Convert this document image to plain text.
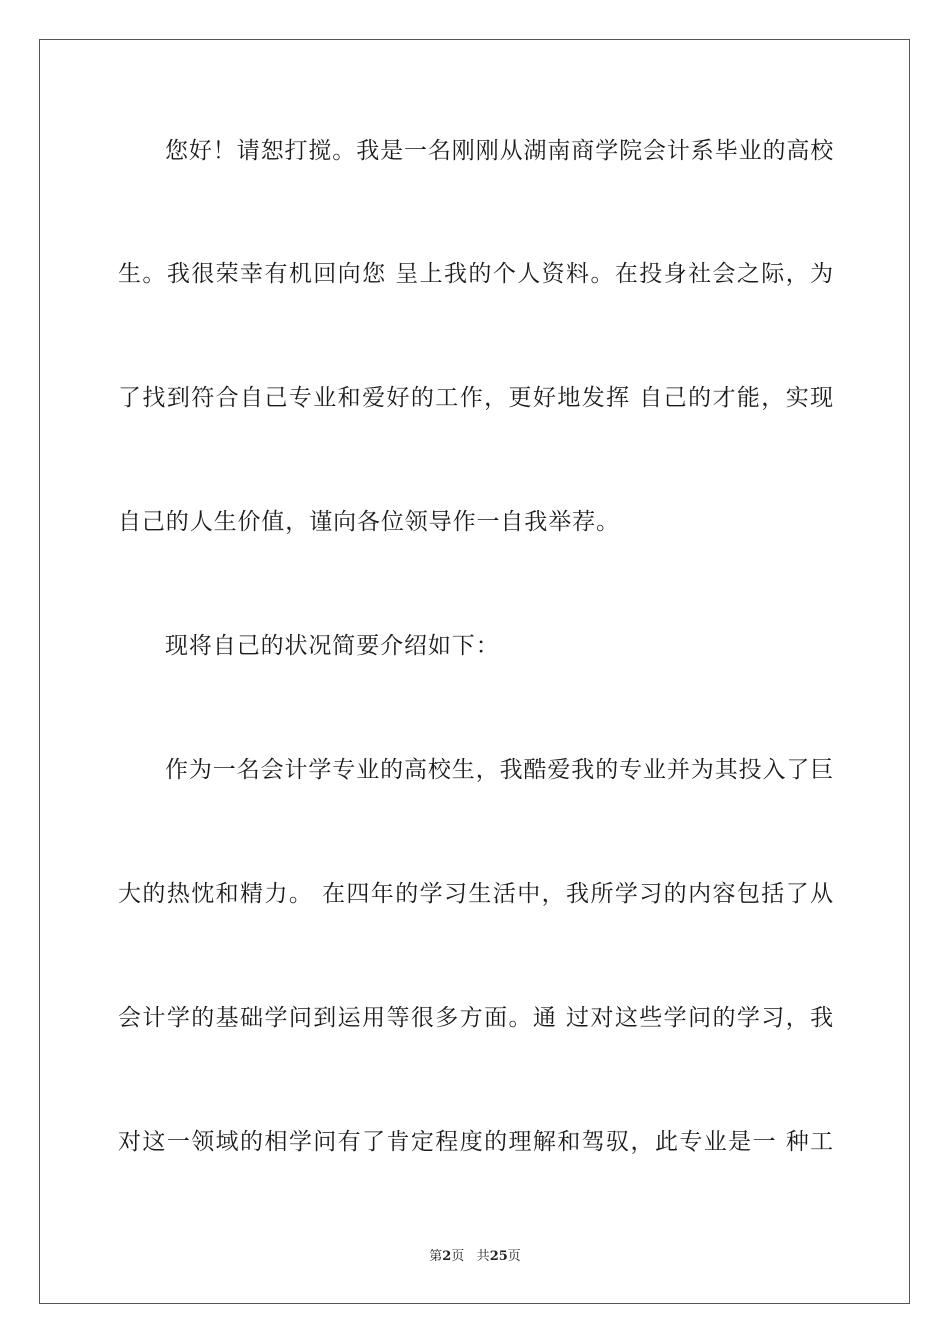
您好！请恕打搅。我是一名刚刚从湖南商学院会计系毕业的高校
生。我很荣幸有机回向您 呈上我的个人资料。在投身社会之际，为
了找到符合自己专业和爱好的工作，更好地发挥 自己的才能，实现
自己的人生价值，谨向各位领导作一自我举荐。
现将自己的状况简要介绍如下：
作为一名会计学专业的高校生，我酷爱我的专业并为其投入了巨
大的热忱和精力。 在四年的学习生活中，我所学习的内容包括了从
会计学的基础学问到运用等很多方面。通 过对这些学问的学习，我
对这一领域的相学问有了肯定程度的理解和驾驭，此专业是一 种工
第2页 共25页
